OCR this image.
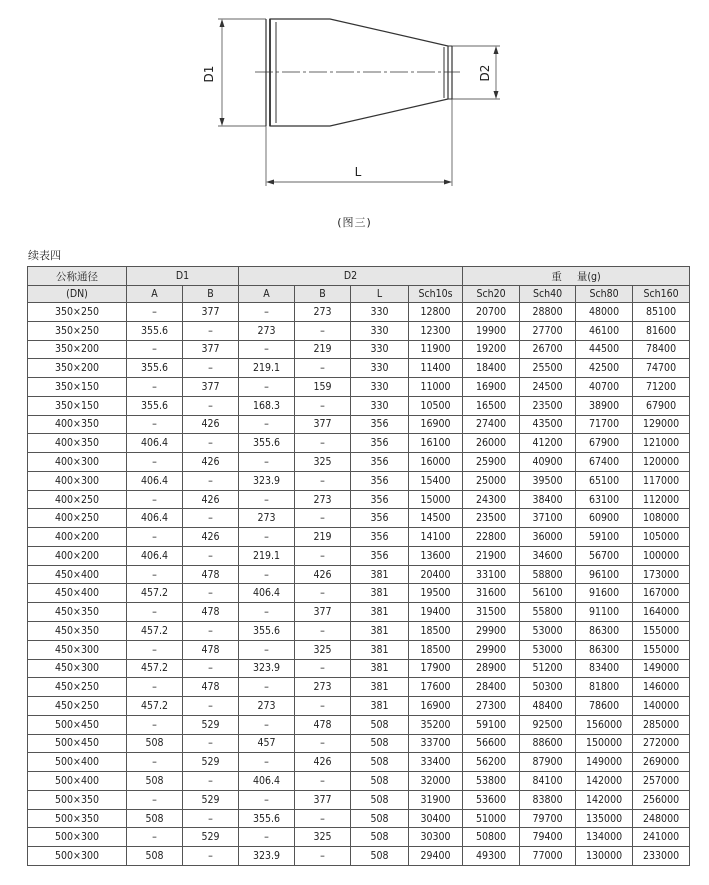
D1	D2
L
(图三)
续表四
公称通径	D1		D2				重     量(g)			
(DN)	A	B	A	B	L	Sch10s	Sch20	Sch40	Sch80	Sch160
350×250	–	377	–	273	330	12800	20700	28800	48000	85100
350×250	355.6	–	273	–	330	12300	19900	27700	46100	81600
350×200	–	377	–	219	330	11900	19200	26700	44500	78400
350×200	355.6	–	219.1	–	330	11400	18400	25500	42500	74700
350×150	–	377	–	159	330	11000	16900	24500	40700	71200
350×150	355.6	–	168.3	–	330	10500	16500	23500	38900	67900
400×350	–	426	–	377	356	16900	27400	43500	71700	129000
400×350	406.4	–	355.6	–	356	16100	26000	41200	67900	121000
400×300	–	426	–	325	356	16000	25900	40900	67400	120000
400×300	406.4	–	323.9	–	356	15400	25000	39500	65100	117000
400×250	–	426	–	273	356	15000	24300	38400	63100	112000
400×250	406.4	–	273	–	356	14500	23500	37100	60900	108000
400×200	–	426	–	219	356	14100	22800	36000	59100	105000
400×200	406.4	–	219.1	–	356	13600	21900	34600	56700	100000
450×400	–	478	–	426	381	20400	33100	58800	96100	173000
450×400	457.2	–	406.4	–	381	19500	31600	56100	91600	167000
450×350	–	478	–	377	381	19400	31500	55800	91100	164000
450×350	457.2	–	355.6	–	381	18500	29900	53000	86300	155000
450×300	–	478	–	325	381	18500	29900	53000	86300	155000
450×300	457.2	–	323.9	–	381	17900	28900	51200	83400	149000
450×250	–	478	–	273	381	17600	28400	50300	81800	146000
450×250	457.2	–	273	–	381	16900	27300	48400	78600	140000
500×450	–	529	–	478	508	35200	59100	92500	156000	285000
500×450	508	–	457	–	508	33700	56600	88600	150000	272000
500×400	–	529	–	426	508	33400	56200	87900	149000	269000
500×400	508	–	406.4	–	508	32000	53800	84100	142000	257000
500×350	–	529	–	377	508	31900	53600	83800	142000	256000
500×350	508	–	355.6	–	508	30400	51000	79700	135000	248000
500×300	–	529	–	325	508	30300	50800	79400	134000	241000
500×300	508	–	323.9	–	508	29400	49300	77000	130000	233000
